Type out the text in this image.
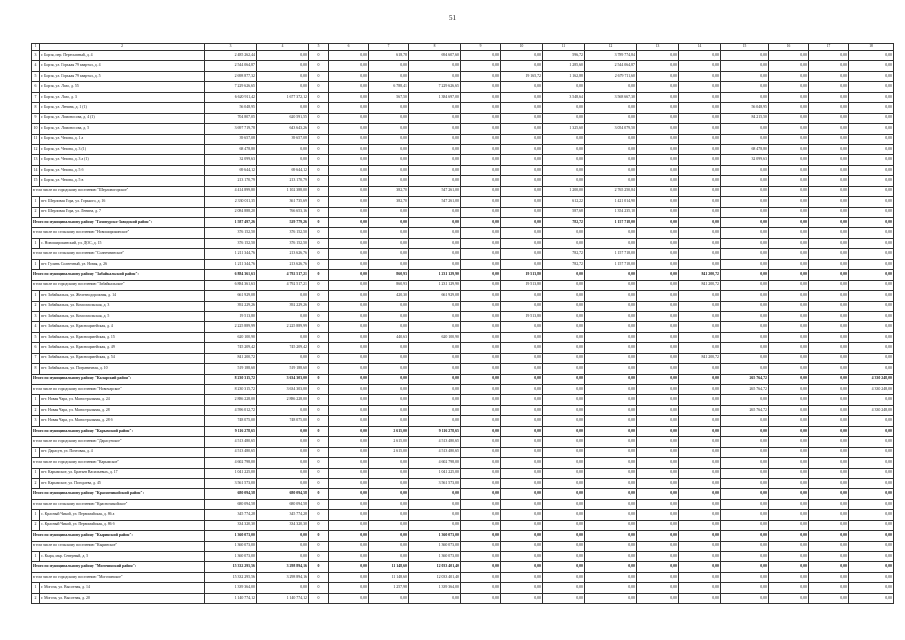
51
1	2	3	4	5	6	7	8	9	10	11	12	13	14	15	16	17	18
3	г. Борзя, пер. Пересыпный, д. 4	2 485 262,44	0,00	0	0,00	618,78	694 607,60	0,00	0,00	596,72	3 789 774,84	0,00	0,00	0,00	0,00	0,00	0,00
4	г. Борзя, ул. Горькая 79 квартал, д. 4	2 544 064,87	0,00	0	0,00	0,00	0,00	0,00	0,00	1 285,60	2 544 064,87	0,00	0,00	0,00	0,00	0,00	0,00
5	г. Борзя, ул. Горькая 79 квартал, д. 5	2 698 877,32	0,00	0	0,00	0,00	0,00	0,00	19 165,72	1 162,88	2 679 711,60	0,00	0,00	0,00	0,00	0,00	0,00
6	г. Борзя, ул. Лазо, д. 55	7 229 626,65	0,00	0	0,00	6 788,41	7 229 626,65	0,00	0,00	0,00	0,00	0,00	0,00	0,00	0,00	0,00	0,00
7	г. Борзя, ул. Лазо, д. 3	6 620 911,42	1 677 372,12	0	0,00	567,50	1 384 697,00	0,00	0,00	3 548,64	3 568 667,30	0,00	0,00	0,00	0,00	0,00	0,00
8	г. Борзя, ул. Ленина, д. 1 (1)	56 048,95	0,00	0	0,00	0,00	0,00	0,00	0,00	0,00	0,00	0,00	0,00	56 048,95	0,00	0,00	0,00
9	г. Борзя, ул. Ломоносова, д. 4 (1)	704 807,05	620 591,55	0	0,00	0,00	0,00	0,00	0,00	0,00	0,00	0,00	0,00	84 215,50	0,00	0,00	0,00
10	г. Борзя, ул. Ломоносова, д. 5	3 697 719,78	643 643,26	0	0,00	0,00	0,00	0,00	0,00	1 325,60	3 054 079,50	0,00	0,00	0,00	0,00	0,00	0,00
11	г. Борзя, ул. Чехова, д. 1 а	39 657,08	39 657,08	0	0,00	0,00	0,00	0,00	0,00	0,00	0,00	0,00	0,00	0,00	0,00	0,00	0,00
12	г. Борзя, ул. Чехова, д. 3 (1)	68 478,80	0,00	0	0,00	0,00	0,00	0,00	0,00	0,00	0,00	0,00	0,00	68 478,80	0,00	0,00	0,00
13	г. Борзя, ул. Чехова, д. 3 а (1)	32 099,63	0,00	0	0,00	0,00	0,00	0,00	0,00	0,00	0,00	0,00	0,00	32 099,63	0,00	0,00	0,00
14	г. Борзя, ул. Чехова, д. 5 б	69 644,12	69 644,12	0	0,00	0,00	0,00	0,00	0,00	0,00	0,00	0,00	0,00	0,00	0,00	0,00	0,00
15	г. Борзя, ул. Чехова, д. 5 в	213 170,79	213 170,79	0	0,00	0,00	0,00	0,00	0,00	0,00	0,00	0,00	0,00	0,00	0,00	0,00	0,00
в том числе по городскому поселению "Шерловогорское"		4 414 899,80	1 102 388,00	0	0,00	382,70	547 261,00	0,00	0,00	1 200,00	2 765 250,84	0,00	0,00	0,00	0,00	0,00	0,00
1	пгт. Шерловая Гора, ул. Горького, д. 16	2 330 011,35	361 735,69	0	0,00	382,70	547 261,00	0,00	0,00	612,22	1 421 014,90	0,00	0,00	0,00	0,00	0,00	0,00
2	пгт. Шерловая Гора, ул. Ленина, д. 7	2 084 888,20	766 653,16	0	0,00	0,00	0,00	0,00	0,00	587,68	1 354 235,10	0,00	0,00	0,00	0,00	0,00	0,00
Итого по муниципальному району "Газимурско-Заводский район":		1 587 497,26	529 779,26	0	0,00	0,00	0,00	0,00	0,00	782,72	1 157 718,00	0,00	0,00	0,00	0,00	0,00	0,00
в том числе по сельскому поселению "Новоширокинское"		376 152,50	376 152,50	0	0,00	0,00	0,00	0,00	0,00	0,00	0,00	0,00	0,00	0,00	0,00	0,00	0,00
1	с. Новоширокинский, ул. ДОС, д. 15	376 152,50	376 152,50	0	0,00	0,00	0,00	0,00	0,00	0,00	0,00	0,00	0,00	0,00	0,00	0,00	0,00
в том числе по сельскому поселению "Солнечнинское"		1 211 344,76	213 626,76	0	0,00	0,00	0,00	0,00	0,00	782,72	1 157 718,00	0,00	0,00	0,00	0,00	0,00	0,00
1	пгт. Гулинь Солнечный, ул. Новая, д. 26	1 211 344,76	213 626,76	0	0,00	0,00	0,00	0,00	0,00	782,72	1 157 718,00	0,00	0,00	0,00	0,00	0,00	0,00
Итого по муниципальному району "Забайкальский район":		6 884 361,63	4 792 517,21	0	0,00	860,93	1 231 129,90	0,00	19 513,80	0,00	0,00	0,00	841 200,72	0,00	0,00	0,00	0,00
в том числе по городскому поселению "Забайкальское"		6 884 361,63	4 792 517,21	0	0,00	860,93	1 231 129,90	0,00	19 513,80	0,00	0,00	0,00	841 200,72	0,00	0,00	0,00	0,00
1	пгт. Забайкальск, ул. Железнодорожная, д. 14	661 929,08	0,00	0	0,00	420,30	661 929,08	0,00	0,00	0,00	0,00	0,00	0,00	0,00	0,00	0,00	0,00
2	пгт. Забайкальск, ул. Комсомольская, д. 3	392 229,26	392 229,26	0	0,00	0,00	0,00	0,00	0,00	0,00	0,00	0,00	0,00	0,00	0,00	0,00	0,00
3	пгт. Забайкальск, ул. Комсомольская, д. 5	19 513,80	0,00	0	0,00	0,00	0,00	0,00	19 513,80	0,00	0,00	0,00	0,00	0,00	0,00	0,00	0,00
4	пгт. Забайкальск, ул. Красноармейская, д. 4	2 225 889,99	2 225 889,99	0	0,00	0,00	0,00	0,00	0,00	0,00	0,00	0,00	0,00	0,00	0,00	0,00	0,00
5	пгт. Забайкальск, ул. Красноармейская, д. 15	620 100,90	0,00	0	0,00	440,63	620 100,90	0,00	0,00	0,00	0,00	0,00	0,00	0,00	0,00	0,00	0,00
6	пгт. Забайкальск, ул. Красноармейская, д. 49	745 209,42	745 209,42	0	0,00	0,00	0,00	0,00	0,00	0,00	0,00	0,00	0,00	0,00	0,00	0,00	0,00
7	пгт. Забайкальск, ул. Красноармейская, д. 54	841 200,72	0,00	0	0,00	0,00	0,00	0,00	0,00	0,00	0,00	0,00	841 200,72	0,00	0,00	0,00	0,00
8	пгт. Забайкальск, ул. Пограничная, д. 10	519 188,60	519 188,60	0	0,00	0,00	0,00	0,00	0,00	0,00	0,00	0,00	0,00	0,00	0,00	0,00	0,00
Итого по муниципальному району "Каларский район":		8 230 315,72	3 634 303,00	0	0,00	0,00	0,00	0,00	0,00	0,00	0,00	0,00	0,00	265 764,72	0,00	0,00	4 330 248,00
в том числе по городскому поселению "Новочарское"		8 230 315,72	3 634 303,00	0	0,00	0,00	0,00	0,00	0,00	0,00	0,00	0,00	0,00	265 764,72	0,00	0,00	4 330 248,00
1	пгт. Новая Чара, ул. Магистральная, д. 24	2 886 228,00	2 886 228,00	0	0,00	0,00	0,00	0,00	0,00	0,00	0,00	0,00	0,00	0,00	0,00	0,00	0,00
2	пгт. Новая Чара, ул. Магистральная, д. 28	4 596 012,72	0,00	0	0,00	0,00	0,00	0,00	0,00	0,00	0,00	0,00	0,00	265 764,72	0,00	0,00	4 330 248,00
3	пгт. Новая Чара, ул. Магистральная, д. 28 б	748 075,00	748 075,00	0	0,00	0,00	0,00	0,00	0,00	0,00	0,00	0,00	0,00	0,00	0,00	0,00	0,00
Итого по муниципальному району "Карымский район":		9 116 278,65	0,00	0	0,00	2 615,00	9 116 278,65	0,00	0,00	0,00	0,00	0,00	0,00	0,00	0,00	0,00	0,00
в том числе по городскому поселению "Дарасунское"		4 513 480,65	0,00	0	0,00	2 615,00	4 513 480,65	0,00	0,00	0,00	0,00	0,00	0,00	0,00	0,00	0,00	0,00
1	пгт. Дарасун, ул. Почтовая, д. 4	4 513 480,65	0,00	0	0,00	2 615,00	4 513 480,65	0,00	0,00	0,00	0,00	0,00	0,00	0,00	0,00	0,00	0,00
в том числе по городскому поселению "Карымское"		4 602 798,00	0,00	0	0,00	0,00	4 602 798,00	0,00	0,00	0,00	0,00	0,00	0,00	0,00	0,00	0,00	0,00
1	пгт. Карымское, ул. Братьев Васильевых, д. 17	1 041 225,00	0,00	0	0,00	0,00	1 041 225,00	0,00	0,00	0,00	0,00	0,00	0,00	0,00	0,00	0,00	0,00
2	пгт. Карымское, ул. Погодаева, д. 45	3 561 573,00	0,00	0	0,00	0,00	3 561 573,00	0,00	0,00	0,00	0,00	0,00	0,00	0,00	0,00	0,00	0,00
Итого по муниципальному району "Красночикойский район":		680 094,58	680 094,58	0	0,00	0,00	0,00	0,00	0,00	0,00	0,00	0,00	0,00	0,00	0,00	0,00	0,00
в том числе по сельскому поселению "Красночикойское"		680 094,58	680 094,58	0	0,00	0,00	0,00	0,00	0,00	0,00	0,00	0,00	0,00	0,00	0,00	0,00	0,00
1	с. Красный Чикой, ул. Первомайская, д. 86 а	345 774,28	345 774,28	0	0,00	0,00	0,00	0,00	0,00	0,00	0,00	0,00	0,00	0,00	0,00	0,00	0,00
2	с. Красный Чикой, ул. Первомайская, д. 86 б	334 320,30	334 320,30	0	0,00	0,00	0,00	0,00	0,00	0,00	0,00	0,00	0,00	0,00	0,00	0,00	0,00
Итого по муниципальному району "Кыринский район":		1 360 073,00	0,00	0	0,00	0,00	1 360 073,00	0,00	0,00	0,00	0,00	0,00	0,00	0,00	0,00	0,00	0,00
в том числе по сельскому поселению "Кыринское"		1 360 073,00	0,00	0	0,00	0,00	1 360 073,00	0,00	0,00	0,00	0,00	0,00	0,00	0,00	0,00	0,00	0,00
1	с. Кыра, мкр. Северный, д. 5	1 360 073,00	0,00	0	0,00	0,00	1 360 073,00	0,00	0,00	0,00	0,00	0,00	0,00	0,00	0,00	0,00	0,00
Итого по муниципальному району "Могочинский район":		15 332 295,56	3 298 894,16	0	0,00	11 148,60	12 033 401,40	0,00	0,00	0,00	0,00	0,00	0,00	0,00	0,00	0,00	0,00
в том числе по городскому поселению "Могочинское"		15 332 295,56	3 298 894,16	0	0,00	11 148,60	12 033 401,40	0,00	0,00	0,00	0,00	0,00	0,00	0,00	0,00	0,00	0,00
1	г. Могоча, ул. Высотная, д. 14	1 339 364,00	0,00	0	0,00	1 257,98	1 339 364,00	0,00	0,00	0,00	0,00	0,00	0,00	0,00	0,00	0,00	0,00
2	г. Могоча, ул. Высотная, д. 20	1 140 774,12	1 140 774,12	0	0,00	0,00	0,00	0,00	0,00	0,00	0,00	0,00	0,00	0,00	0,00	0,00	0,00
